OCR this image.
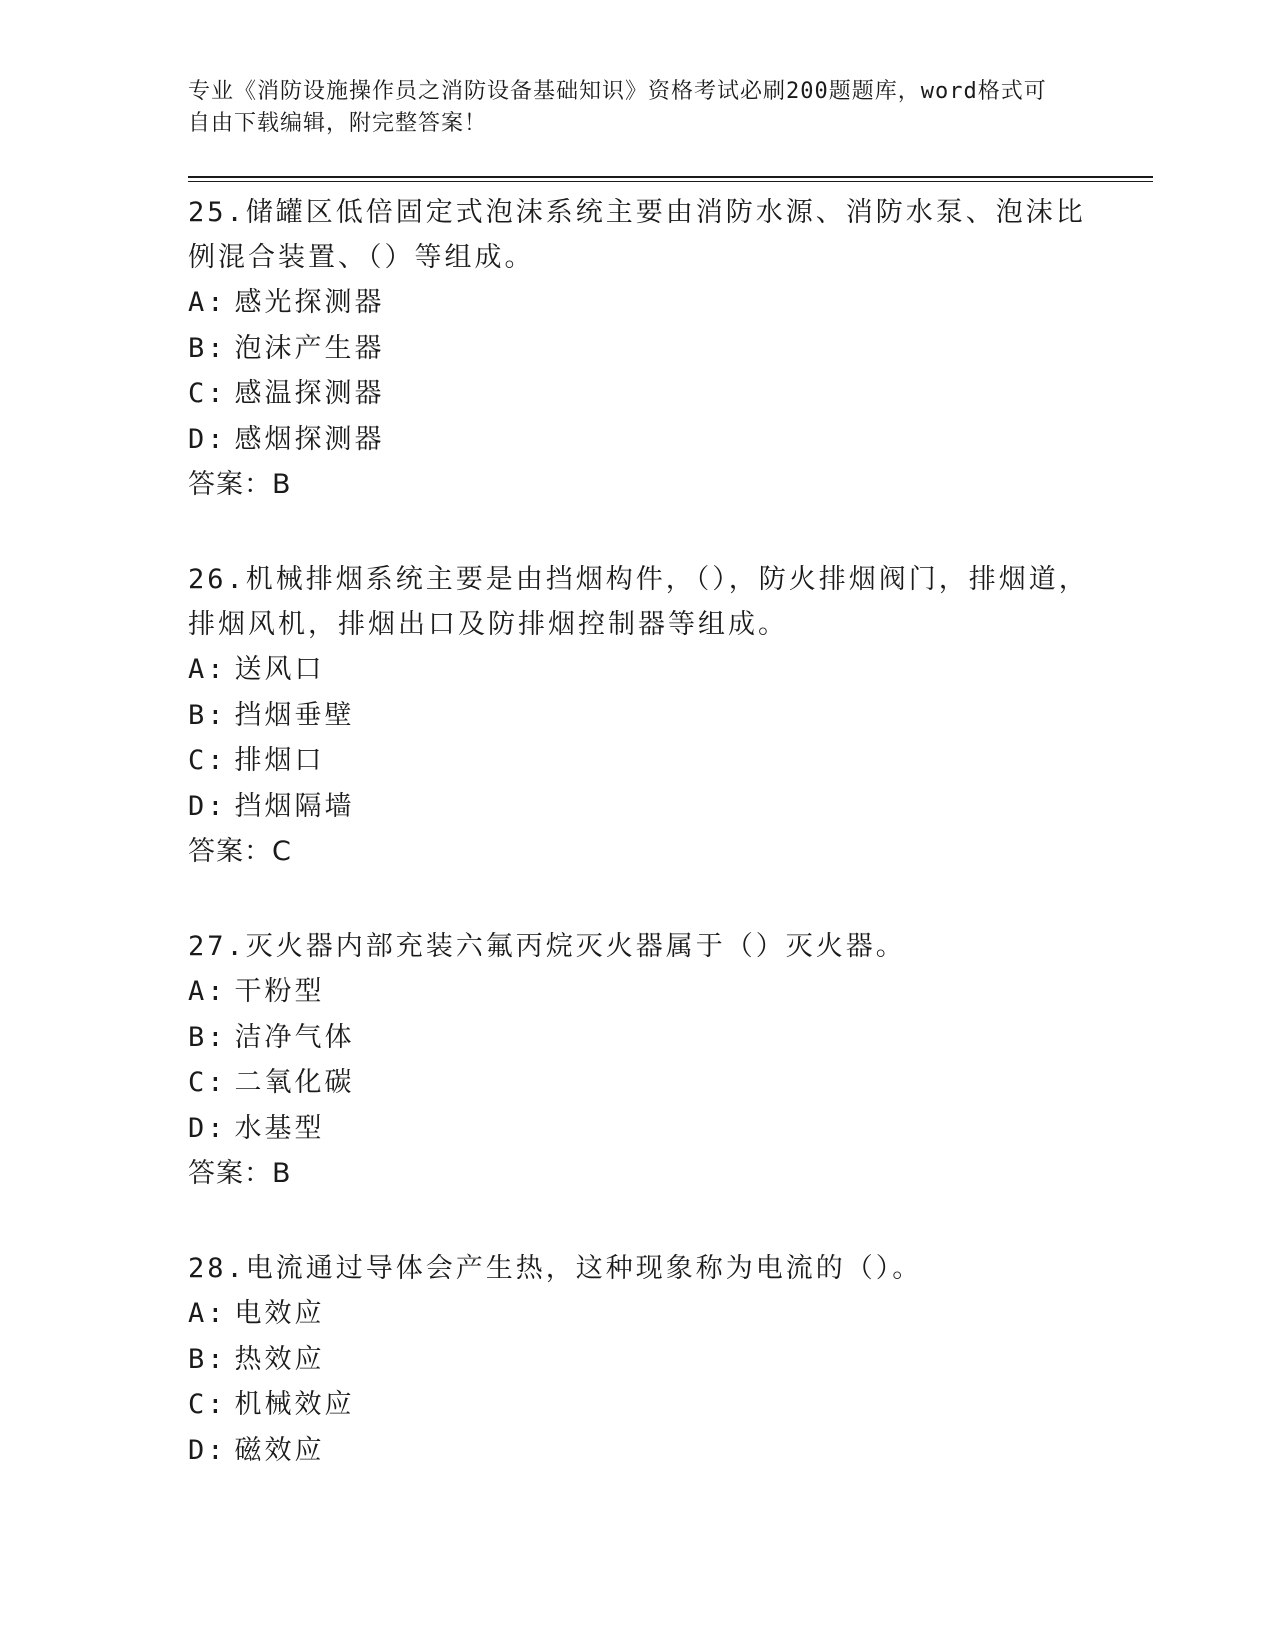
专业《消防设施操作员之消防设备基础知识》资格考试必刷200题题库，word格式可自由下载编辑，附完整答案！
25.储罐区低倍固定式泡沫系统主要由消防水源、消防水泵、泡沫比例混合装置、（）等组成。
A: 感光探测器
B: 泡沫产生器
C: 感温探测器
D: 感烟探测器
答案：B
26.机械排烟系统主要是由挡烟构件，（），防火排烟阀门，排烟道，排烟风机，排烟出口及防排烟控制器等组成。
A: 送风口
B: 挡烟垂壁
C: 排烟口
D: 挡烟隔墙
答案：C
27.灭火器内部充装六氟丙烷灭火器属于（）灭火器。
A: 干粉型
B: 洁净气体
C: 二氧化碳
D: 水基型
答案：B
28.电流通过导体会产生热，这种现象称为电流的（）。
A: 电效应
B: 热效应
C: 机械效应
D: 磁效应
